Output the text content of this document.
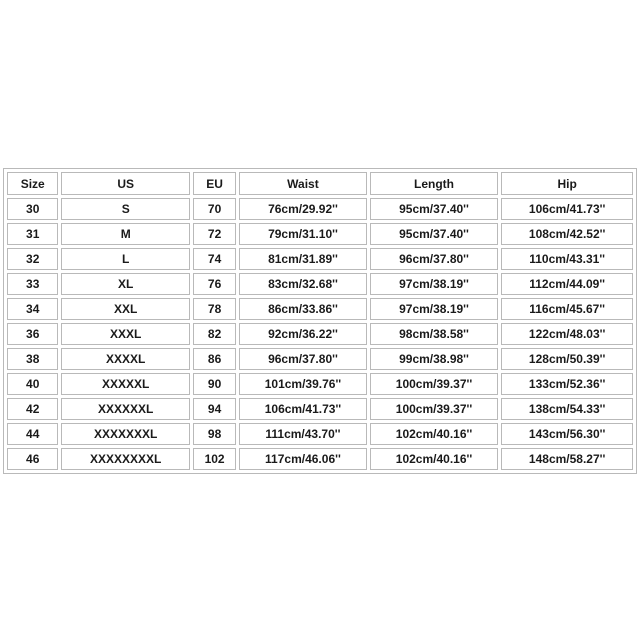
Size	US	EU	Waist	Length	Hip
30	S	70	76cm/29.92''	95cm/37.40''	106cm/41.73''
31	M	72	79cm/31.10''	95cm/37.40''	108cm/42.52''
32	L	74	81cm/31.89''	96cm/37.80''	110cm/43.31''
33	XL	76	83cm/32.68''	97cm/38.19''	112cm/44.09''
34	XXL	78	86cm/33.86''	97cm/38.19''	116cm/45.67''
36	XXXL	82	92cm/36.22''	98cm/38.58''	122cm/48.03''
38	XXXXL	86	96cm/37.80''	99cm/38.98''	128cm/50.39''
40	XXXXXL	90	101cm/39.76''	100cm/39.37''	133cm/52.36''
42	XXXXXXL	94	106cm/41.73''	100cm/39.37''	138cm/54.33''
44	XXXXXXXL	98	111cm/43.70''	102cm/40.16''	143cm/56.30''
46	XXXXXXXXL	102	117cm/46.06''	102cm/40.16''	148cm/58.27''
